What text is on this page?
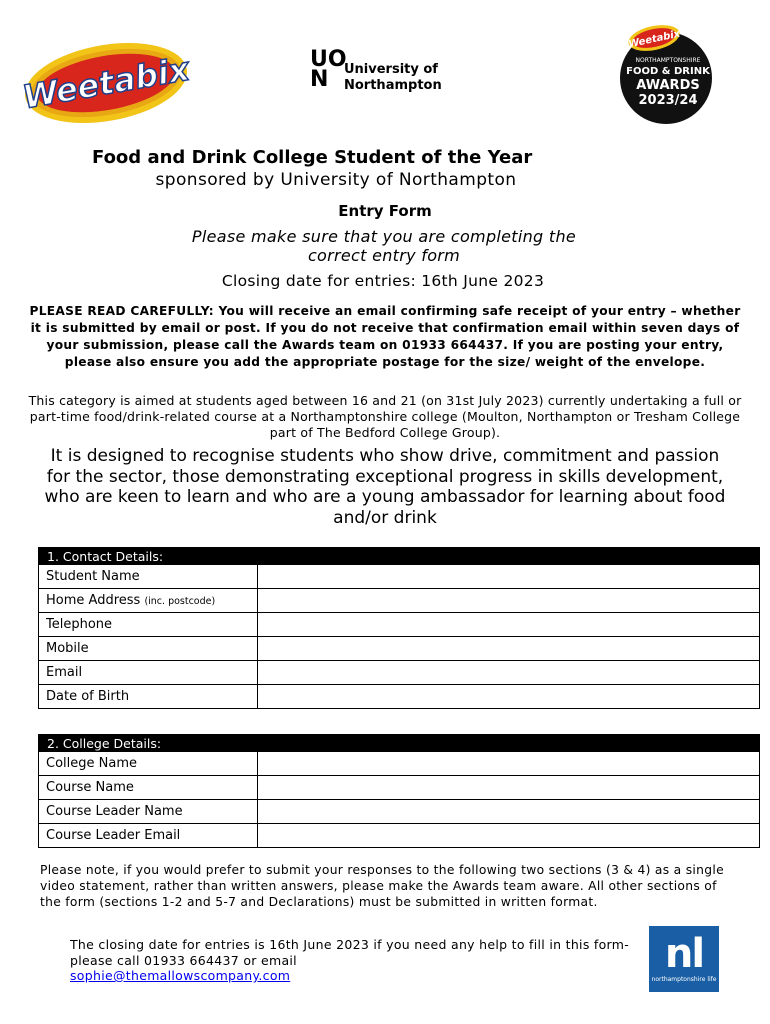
Weetabix	UO
N	University of
Northampton
Weetabix
NORTHAMPTONSHIRE
FOOD & DRINK
AWARDS
2023/24
Food and Drink College Student of the Year
sponsored by University of Northampton
Entry Form
Please make sure that you are completing the correct entry form
Closing date for entries: 16th June 2023
PLEASE READ CAREFULLY: You will receive an email confirming safe receipt of your entry – whether it is submitted by email or post. If you do not receive that confirmation email within seven days of your submission, please call the Awards team on 01933 664437. If you are posting your entry, please also ensure you add the appropriate postage for the size/ weight of the envelope.
This category is aimed at students aged between 16 and 21 (on 31st July 2023) currently undertaking a full or part-time food/drink-related course at a Northamptonshire college (Moulton, Northampton or Tresham College part of The Bedford College Group).
It is designed to recognise students who show drive, commitment and passion for the sector, those demonstrating exceptional progress in skills development, who are keen to learn and who are a young ambassador for learning about food and/or drink
1. Contact Details:	
Student Name	
Home Address (inc. postcode)	
Telephone	
Mobile	
Email	
Date of Birth	
2. College Details:	
College Name	
Course Name	
Course Leader Name	
Course Leader Email	
Please note, if you would prefer to submit your responses to the following two sections (3 & 4) as a single video statement, rather than written answers, please make the Awards team aware. All other sections of the form (sections 1-2 and 5-7 and Declarations) must be submitted in written format.
The closing date for entries is 16th June 2023 if you need any help to fill in this form- please call 01933 664437 or email
sophie@themallowscompany.com	nl
northamptonshire life
